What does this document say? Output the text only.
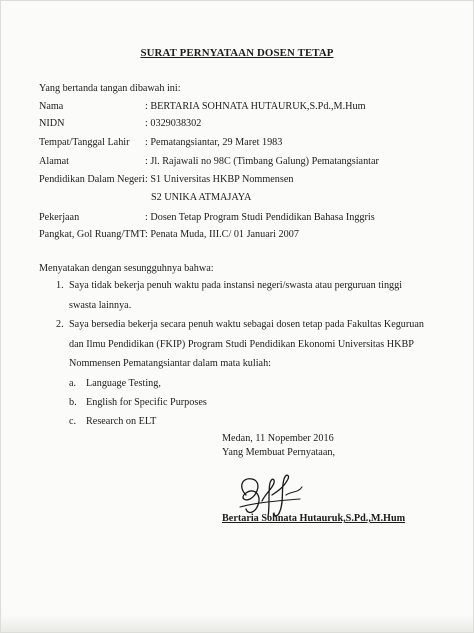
SURAT PERNYATAAN DOSEN TETAP
Yang bertanda tangan dibawah ini:
Nama	: BERTARIA SOHNATA HUTAURUK,S.Pd.,M.Hum
NIDN	: 0329038302
Tempat/Tanggal Lahir : Pematangsiantar, 29 Maret 1983
Alamat	: Jl. Rajawali no 98C (Timbang Galung) Pematangsiantar
Pendidikan Dalam Negeri : S1 Universitas HKBP Nommensen
S2 UNIKA ATMAJAYA
Pekerjaan	: Dosen Tetap Program Studi Pendidikan Bahasa Inggris
Pangkat, Gol Ruang/TMT : Penata Muda, III.C/ 01 Januari 2007
Menyatakan dengan sesungguhnya bahwa:
1. Saya tidak bekerja penuh waktu pada instansi negeri/swasta atau perguruan tinggi swasta lainnya.
2. Saya bersedia bekerja secara penuh waktu sebagai dosen tetap pada Fakultas Keguruan dan Ilmu Pendidikan (FKIP) Program Studi Pendidikan Ekonomi Universitas HKBP Nommensen Pematangsiantar dalam mata kuliah:
a. Language Testing,
b. English for Specific Purposes
c. Research on ELT
Medan, 11 Nopember 2016
Yang Membuat Pernyataan,
Bertaria Sohnata Hutauruk,S.Pd.,M.Hum
